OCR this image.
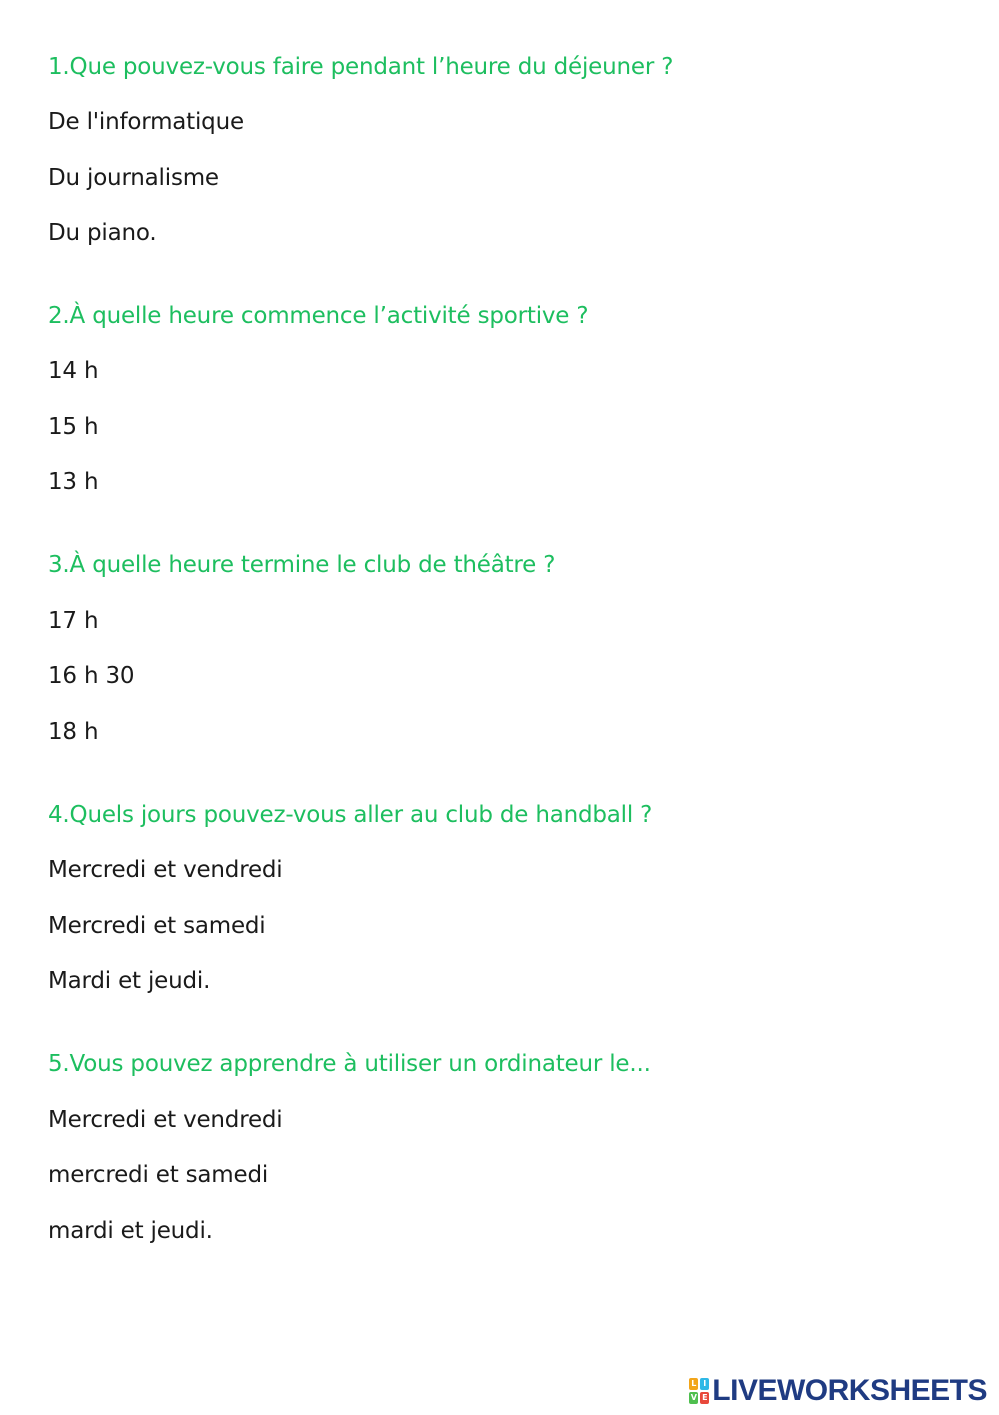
1.Que pouvez-vous faire pendant l’heure du déjeuner ?
De l'informatique
Du journalisme
Du piano.
2.À quelle heure commence l’activité sportive ?
14 h
15 h
13 h
3.À quelle heure termine le club de théâtre ?
17 h
16 h 30
18 h
4.Quels jours pouvez-vous aller au club de handball ?
Mercredi et vendredi
Mercredi et samedi
Mardi et jeudi.
5.Vous pouvez apprendre à utiliser un ordinateur le...
Mercredi et vendredi
mercredi et samedi
mardi et jeudi.
L I
V E LIVEWORKSHEETS
